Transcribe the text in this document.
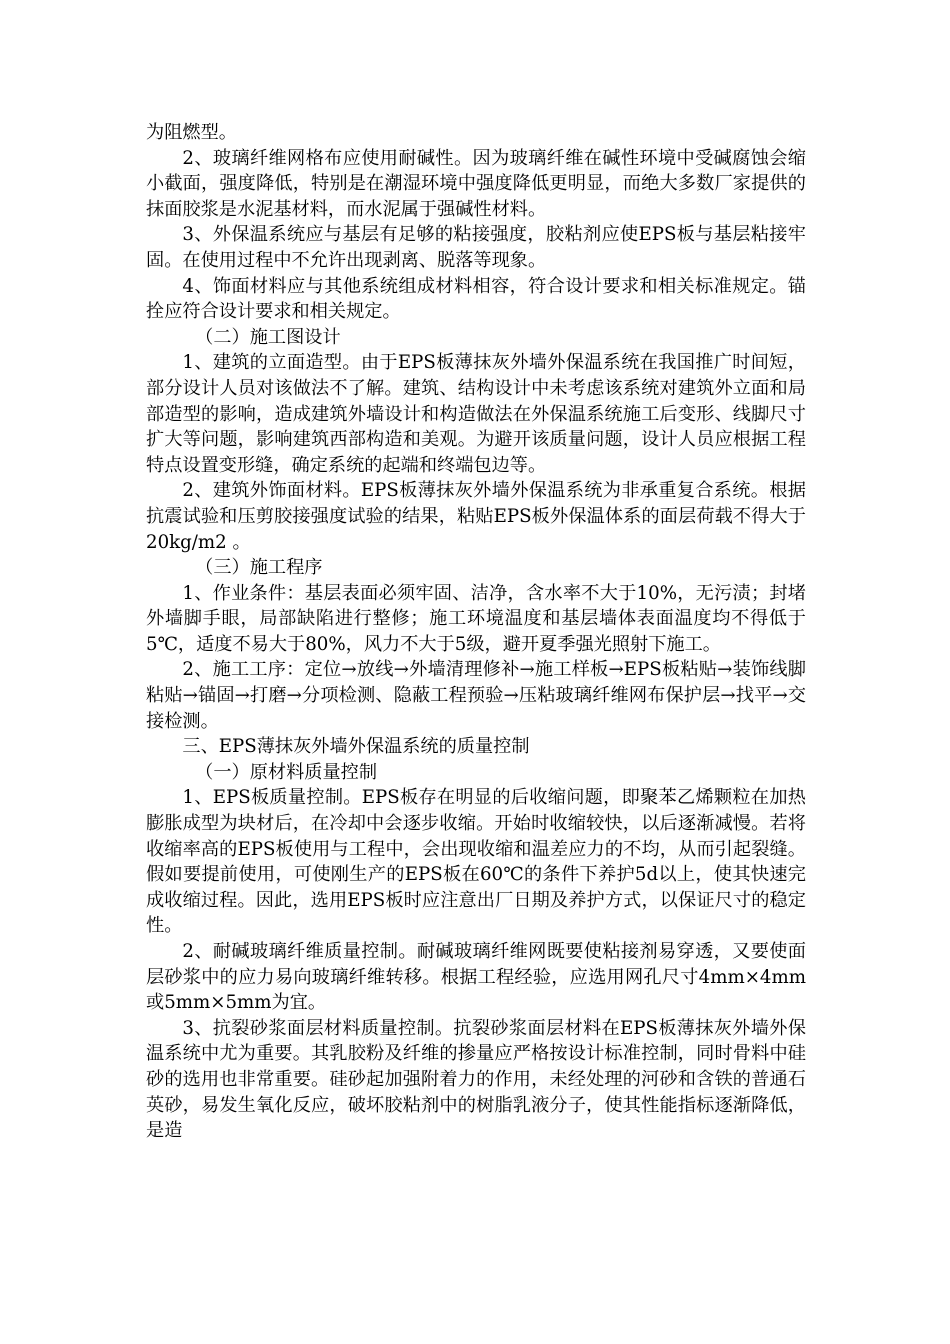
为阻燃型。

2、玻璃纤维网格布应使用耐碱性。因为玻璃纤维在碱性环境中受碱腐蚀会缩小截面，强度降低，特别是在潮湿环境中强度降低更明显，而绝大多数厂家提供的抹面胶浆是水泥基材料，而水泥属于强碱性材料。

3、外保温系统应与基层有足够的粘接强度，胶粘剂应使EPS板与基层粘接牢固。在使用过程中不允许出现剥离、脱落等现象。

4、饰面材料应与其他系统组成材料相容，符合设计要求和相关标准规定。锚拴应符合设计要求和相关规定。

（二）施工图设计

1、建筑的立面造型。由于EPS板薄抹灰外墙外保温系统在我国推广时间短，部分设计人员对该做法不了解。建筑、结构设计中未考虑该系统对建筑外立面和局部造型的影响，造成建筑外墙设计和构造做法在外保温系统施工后变形、线脚尺寸扩大等问题，影响建筑西部构造和美观。为避开该质量问题，设计人员应根据工程特点设置变形缝，确定系统的起端和终端包边等。

2、建筑外饰面材料。EPS板薄抹灰外墙外保温系统为非承重复合系统。根据抗震试验和压剪胶接强度试验的结果，粘贴EPS板外保温体系的面层荷载不得大于20kg/m2 。

（三）施工程序

1、作业条件：基层表面必须牢固、洁净，含水率不大于10%，无污渍；封堵外墙脚手眼，局部缺陷进行整修；施工环境温度和基层墙体表面温度均不得低于5℃，适度不易大于80%，风力不大于5级，避开夏季强光照射下施工。

2、施工工序：定位→放线→外墙清理修补→施工样板→EPS板粘贴→装饰线脚粘贴→锚固→打磨→分项检测、隐蔽工程预验→压粘玻璃纤维网布保护层→找平→交接检测。

三、EPS薄抹灰外墙外保温系统的质量控制

（一）原材料质量控制

1、EPS板质量控制。EPS板存在明显的后收缩问题，即聚苯乙烯颗粒在加热膨胀成型为块材后，在冷却中会逐步收缩。开始时收缩较快，以后逐渐减慢。若将收缩率高的EPS板使用与工程中，会出现收缩和温差应力的不均，从而引起裂缝。假如要提前使用，可使刚生产的EPS板在60℃的条件下养护5d以上，使其快速完成收缩过程。因此，选用EPS板时应注意出厂日期及养护方式，以保证尺寸的稳定性。

2、耐碱玻璃纤维质量控制。耐碱玻璃纤维网既要使粘接剂易穿透，又要使面层砂浆中的应力易向玻璃纤维转移。根据工程经验，应选用网孔尺寸4mm×4mm或5mm×5mm为宜。

3、抗裂砂浆面层材料质量控制。抗裂砂浆面层材料在EPS板薄抹灰外墙外保温系统中尤为重要。其乳胶粉及纤维的掺量应严格按设计标准控制，同时骨料中硅砂的选用也非常重要。硅砂起加强附着力的作用，未经处理的河砂和含铁的普通石英砂，易发生氧化反应，破坏胶粘剂中的树脂乳液分子，使其性能指标逐渐降低，是造
